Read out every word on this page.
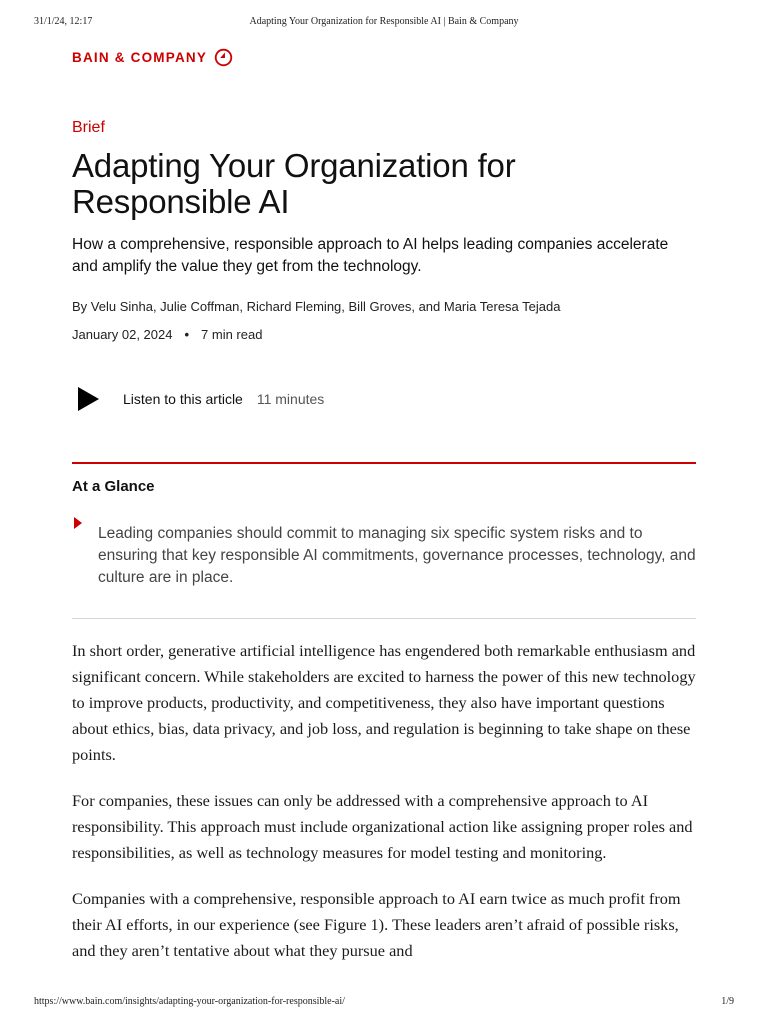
31/1/24, 12:17	Adapting Your Organization for Responsible AI | Bain & Company
BAIN & COMPANY

Brief

Adapting Your Organization for
Responsible AI

How a comprehensive, responsible approach to AI helps leading companies accelerate and amplify the value they get from the technology.

By Velu Sinha, Julie Coffman, Richard Fleming, Bill Groves, and Maria Teresa Tejada

January 02, 2024 • 7 min read
Listen to this article 11 minutes
At a Glance

Leading companies should commit to managing six specific system risks and to ensuring that key responsible AI commitments, governance processes, technology, and culture are in place.

In short order, generative artificial intelligence has engendered both remarkable enthusiasm and significant concern. While stakeholders are excited to harness the power of this new technology to improve products, productivity, and competitiveness, they also have important questions about ethics, bias, data privacy, and job loss, and regulation is beginning to take shape on these points.

For companies, these issues can only be addressed with a comprehensive approach to AI responsibility. This approach must include organizational action like assigning proper roles and responsibilities, as well as technology measures for model testing and monitoring.

Companies with a comprehensive, responsible approach to AI earn twice as much profit from their AI efforts, in our experience (see Figure 1). These leaders aren’t afraid of possible risks, and they aren’t tentative about what they pursue and

https://www.bain.com/insights/adapting-your-organization-for-responsible-ai/	1/9
